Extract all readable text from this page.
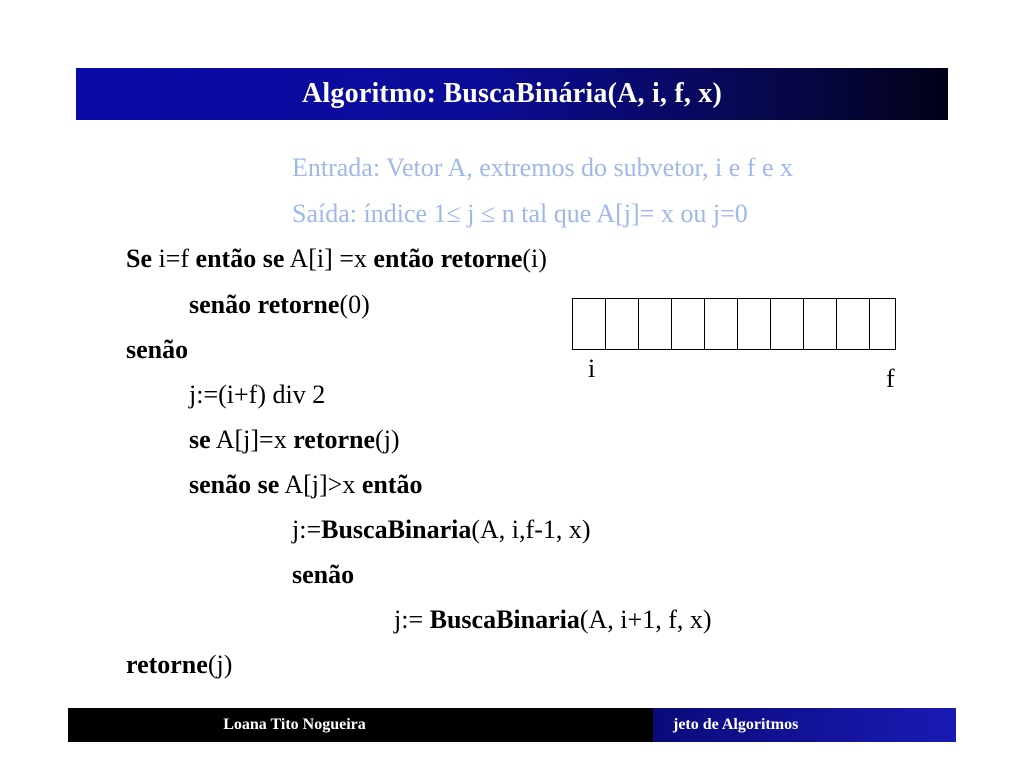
Algoritmo: BuscaBinária(A, i, f, x)
Entrada: Vetor A, extremos do subvetor, i e f e x
Saída: índice 1≤ j ≤ n tal que A[j]= x ou j=0
Se i=f então se A[i] =x então retorne(i)
senão retorne(0)
senão
j:=(i+f) div 2
se A[j]=x retorne(j)
senão se A[j]>x então
j:=BuscaBinaria(A, i,f-1, x)
senão
j:= BuscaBinaria(A, i+1, f, x)
retorne(j)
i	f
Loana Tito Nogueira	jeto de Algoritmos
